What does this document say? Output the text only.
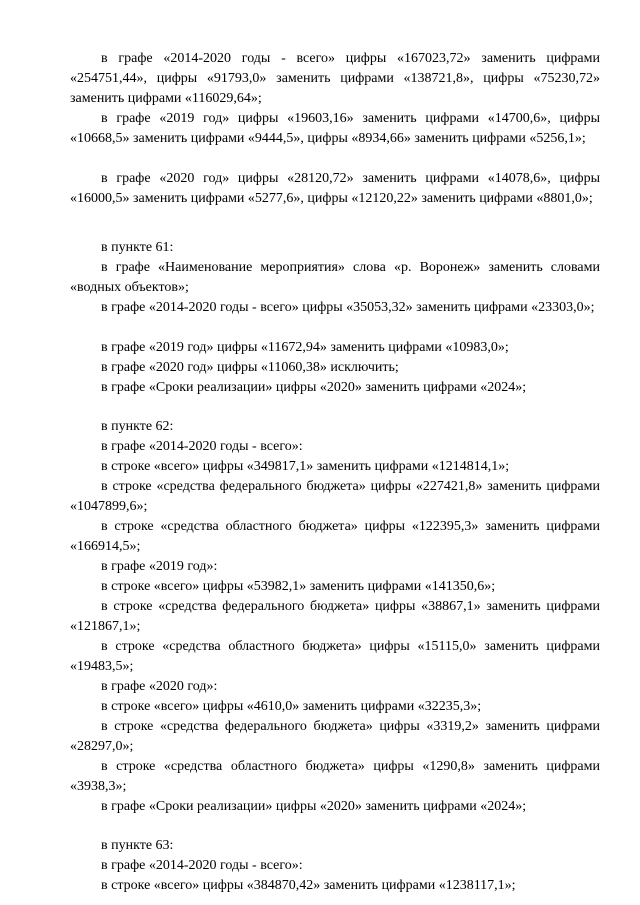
в графе «2014-2020 годы - всего» цифры «167023,72» заменить цифрами «254751,44», цифры «91793,0» заменить цифрами «138721,8», цифры «75230,72» заменить цифрами «116029,64»;
в графе «2019 год» цифры «19603,16» заменить цифрами «14700,6», цифры «10668,5» заменить цифрами «9444,5», цифры «8934,66» заменить цифрами «5256,1»;
в графе «2020 год» цифры «28120,72» заменить цифрами «14078,6», цифры «16000,5» заменить цифрами «5277,6», цифры «12120,22» заменить цифрами «8801,0»;
в пункте 61:
в графе «Наименование мероприятия» слова «р. Воронеж» заменить словами «водных объектов»;
в графе «2014-2020 годы - всего» цифры «35053,32» заменить цифрами «23303,0»;
в графе «2019 год» цифры «11672,94» заменить цифрами «10983,0»;
в графе «2020 год» цифры «11060,38» исключить;
в графе «Сроки реализации» цифры «2020» заменить цифрами «2024»;
в пункте 62:
в графе «2014-2020 годы - всего»:
в строке «всего» цифры «349817,1» заменить цифрами «1214814,1»;
в строке «средства федерального бюджета» цифры «227421,8» заменить цифрами «1047899,6»;
в строке «средства областного бюджета» цифры «122395,3» заменить цифрами «166914,5»;
в графе «2019 год»:
в строке «всего» цифры «53982,1» заменить цифрами «141350,6»;
в строке «средства федерального бюджета» цифры «38867,1» заменить цифрами «121867,1»;
в строке «средства областного бюджета» цифры «15115,0» заменить цифрами «19483,5»;
в графе «2020 год»:
в строке «всего» цифры «4610,0» заменить цифрами «32235,3»;
в строке «средства федерального бюджета» цифры «3319,2» заменить цифрами «28297,0»;
в строке «средства областного бюджета» цифры «1290,8» заменить цифрами «3938,3»;
в графе «Сроки реализации» цифры «2020» заменить цифрами «2024»;
в пункте 63:
в графе «2014-2020 годы - всего»:
в строке «всего» цифры «384870,42» заменить цифрами «1238117,1»;
